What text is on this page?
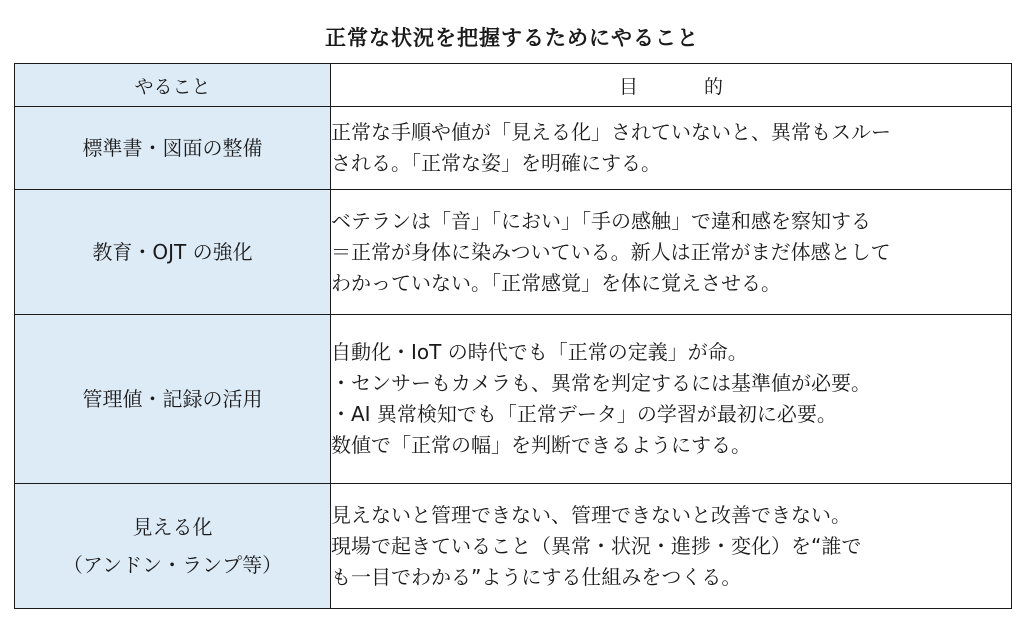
正常な状況を把握するためにやること
やること	目 的

標準書・図面の整備	正常な手順や値が「見える化」されていないと、異常もスルー
される。「正常な姿」を明確にする。

教育・OJT の強化	ベテランは「音」「におい」「手の感触」で違和感を察知する
＝正常が身体に染みついている。新人は正常がまだ体感として
わかっていない。「正常感覚」を体に覚えさせる。

管理値・記録の活用	自動化・IoT の時代でも「正常の定義」が命。
・センサーもカメラも、異常を判定するには基準値が必要。
・AI 異常検知でも「正常データ」の学習が最初に必要。
数値で「正常の幅」を判断できるようにする。

見える化
（アンドン・ランプ等）	見えないと管理できない、管理できないと改善できない。
現場で起きていること（異常・状況・進捗・変化）を“誰で
も一目でわかる”ようにする仕組みをつくる。
